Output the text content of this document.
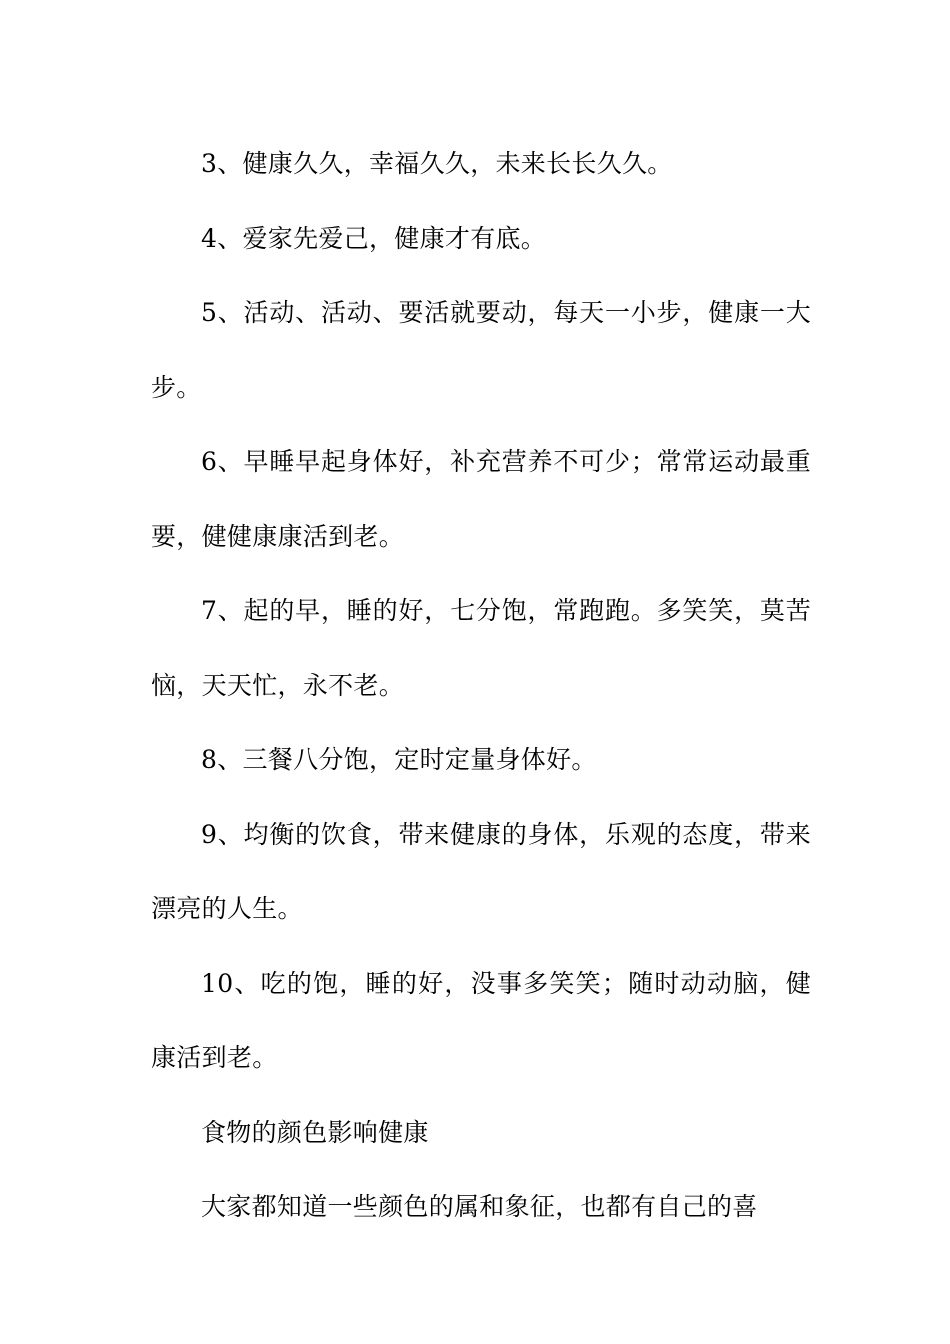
3、健康久久，幸福久久，未来长长久久。

4、爱家先爱己，健康才有底。

5、活动、活动、要活就要动，每天一小步，健康一大步。

6、早睡早起身体好，补充营养不可少；常常运动最重要，健健康康活到老。

7、起的早，睡的好，七分饱，常跑跑。多笑笑，莫苦恼，天天忙，永不老。

8、三餐八分饱，定时定量身体好。

9、均衡的饮食，带来健康的身体，乐观的态度，带来漂亮的人生。

10、吃的饱，睡的好，没事多笑笑；随时动动脑，健康活到老。

食物的颜色影响健康

大家都知道一些颜色的属和象征，也都有自己的喜
